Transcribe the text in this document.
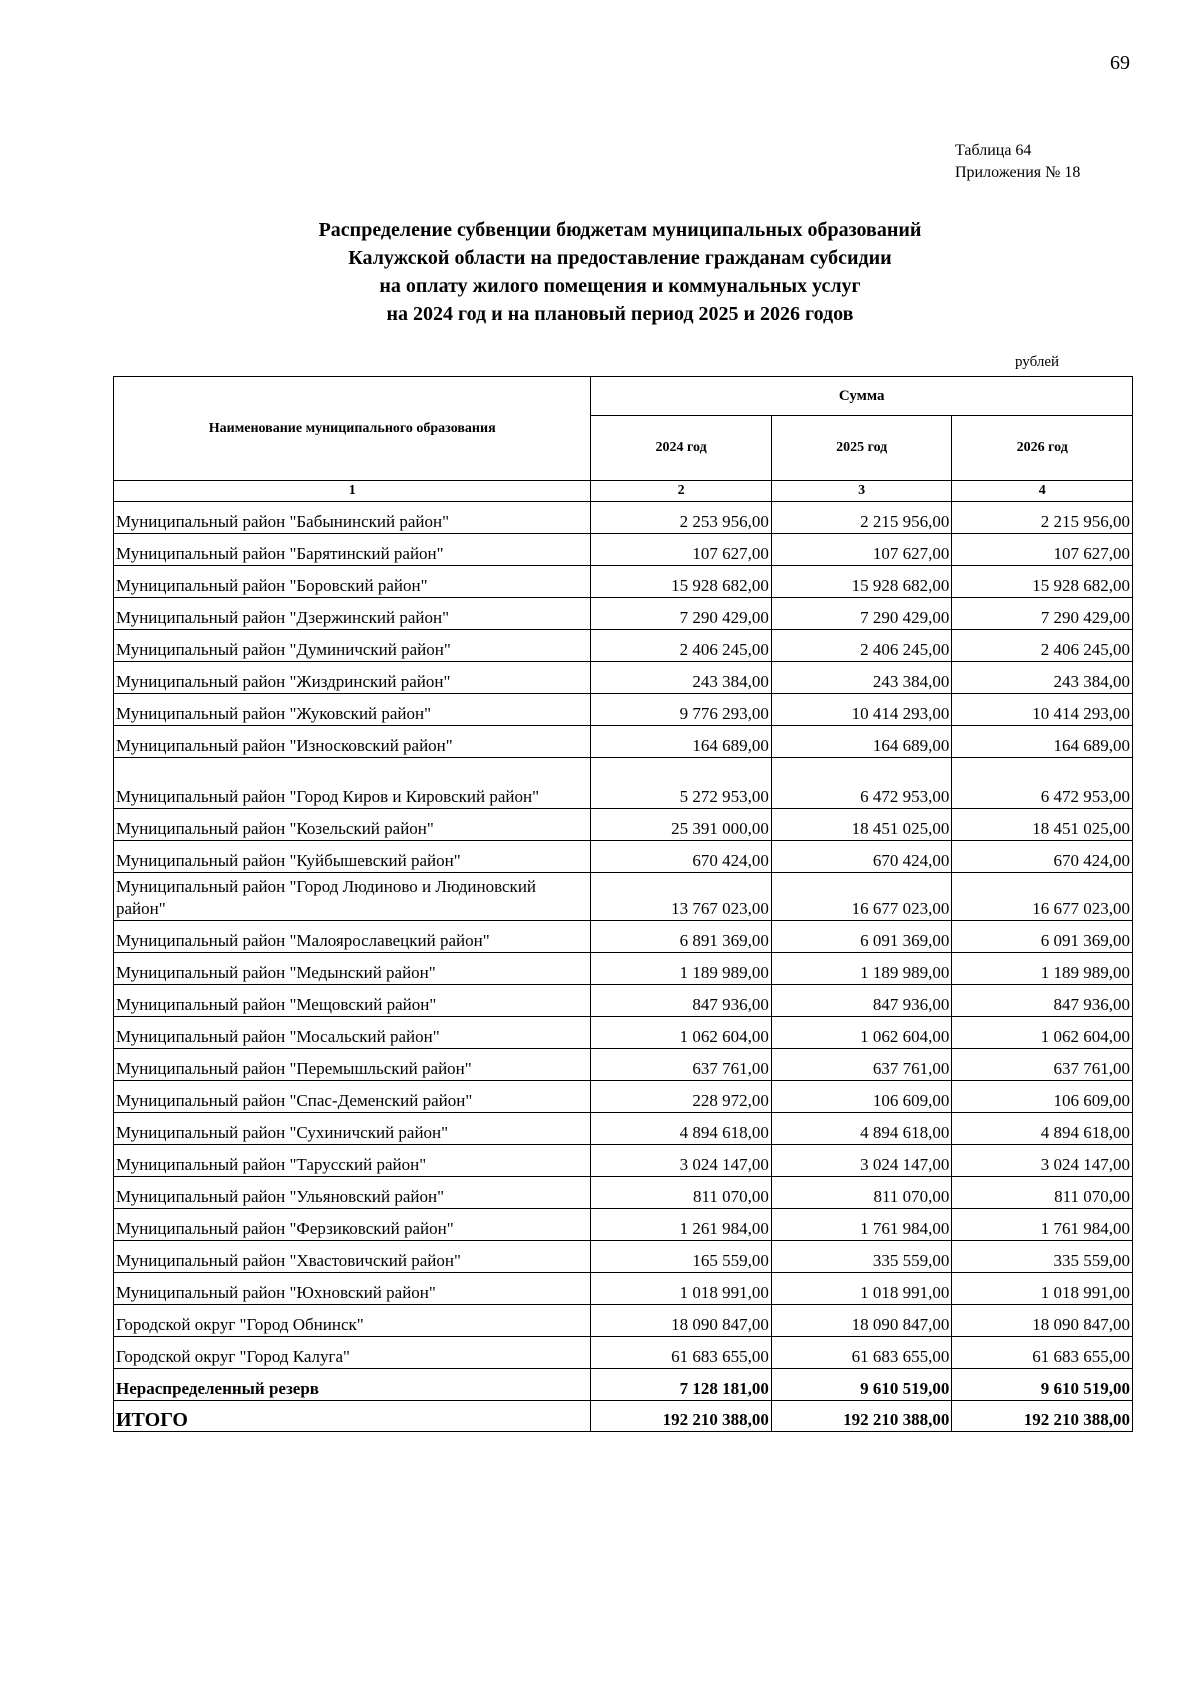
69
Таблица 64
Приложения № 18
Распределение субвенции бюджетам муниципальных образований
Калужской области на предоставление гражданам субсидии
на оплату жилого помещения и коммунальных услуг
на 2024 год и на плановый период 2025 и 2026 годов
рублей
Наименование муниципального образования	Сумма		
	2024 год	2025 год	2026 год
1	2	3	4
Муниципальный район "Бабынинский район"	2 253 956,00	2 215 956,00	2 215 956,00
Муниципальный район "Барятинский район"	107 627,00	107 627,00	107 627,00
Муниципальный район "Боровский район"	15 928 682,00	15 928 682,00	15 928 682,00
Муниципальный район "Дзержинский район"	7 290 429,00	7 290 429,00	7 290 429,00
Муниципальный район "Думиничский район"	2 406 245,00	2 406 245,00	2 406 245,00
Муниципальный район "Жиздринский район"	243 384,00	243 384,00	243 384,00
Муниципальный район "Жуковский район"	9 776 293,00	10 414 293,00	10 414 293,00
Муниципальный район "Износковский район"	164 689,00	164 689,00	164 689,00
Муниципальный район "Город Киров и Кировский район"	5 272 953,00	6 472 953,00	6 472 953,00
Муниципальный район "Козельский район"	25 391 000,00	18 451 025,00	18 451 025,00
Муниципальный район "Куйбышевский район"	670 424,00	670 424,00	670 424,00
Муниципальный район "Город Людиново и Людиновский район"	13 767 023,00	16 677 023,00	16 677 023,00
Муниципальный район "Малоярославецкий район"	6 891 369,00	6 091 369,00	6 091 369,00
Муниципальный район "Медынский район"	1 189 989,00	1 189 989,00	1 189 989,00
Муниципальный район "Мещовский район"	847 936,00	847 936,00	847 936,00
Муниципальный район "Мосальский район"	1 062 604,00	1 062 604,00	1 062 604,00
Муниципальный район "Перемышльский район"	637 761,00	637 761,00	637 761,00
Муниципальный район "Спас-Деменский район"	228 972,00	106 609,00	106 609,00
Муниципальный район "Сухиничский район"	4 894 618,00	4 894 618,00	4 894 618,00
Муниципальный район "Тарусский район"	3 024 147,00	3 024 147,00	3 024 147,00
Муниципальный район "Ульяновский район"	811 070,00	811 070,00	811 070,00
Муниципальный район "Ферзиковский район"	1 261 984,00	1 761 984,00	1 761 984,00
Муниципальный район "Хвастовичский район"	165 559,00	335 559,00	335 559,00
Муниципальный район "Юхновский район"	1 018 991,00	1 018 991,00	1 018 991,00
Городской округ "Город Обнинск"	18 090 847,00	18 090 847,00	18 090 847,00
Городской округ "Город Калуга"	61 683 655,00	61 683 655,00	61 683 655,00
Нераспределенный резерв	7 128 181,00	9 610 519,00	9 610 519,00
ИТОГО	192 210 388,00	192 210 388,00	192 210 388,00
